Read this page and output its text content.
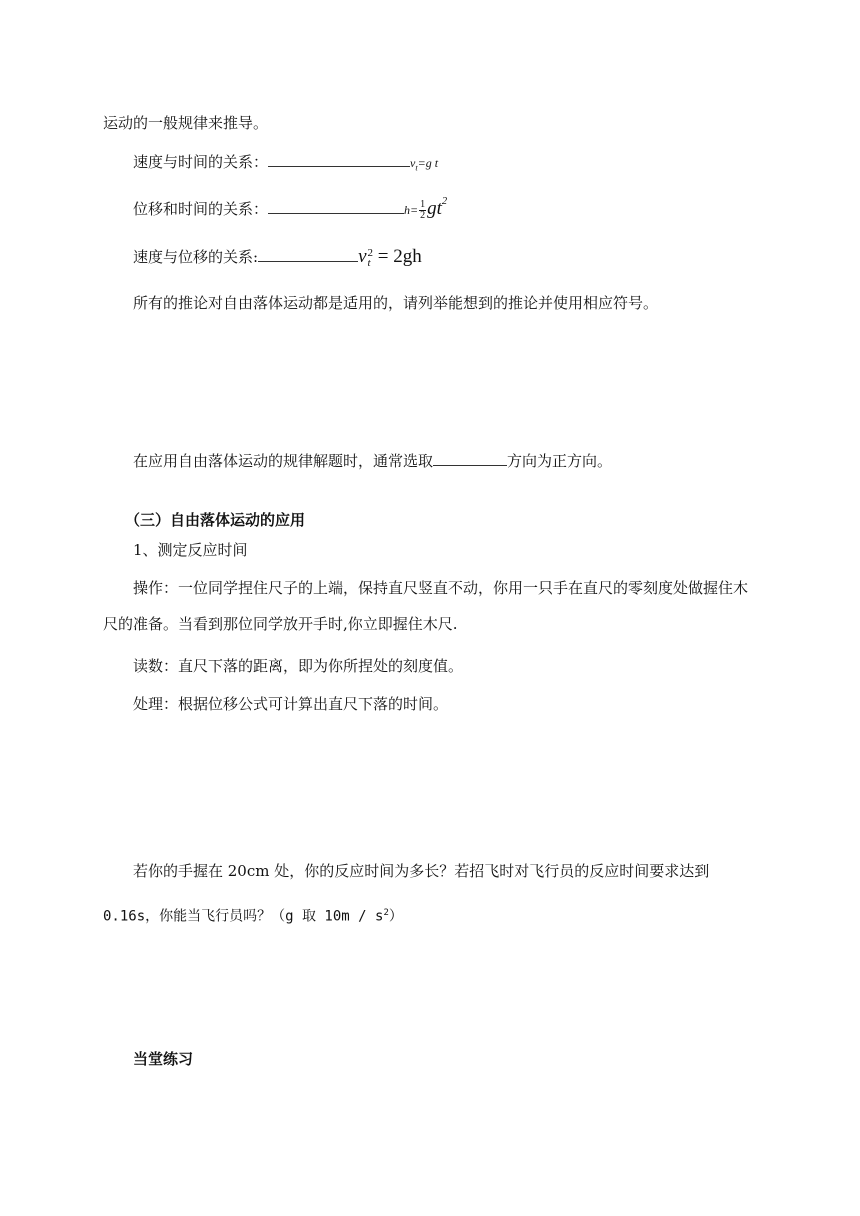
运动的一般规律来推导。
速度与时间的关系：	$v_t=g$ t
位移和时间的关系：	$h= \frac{1}{2} gt^2$
速度与位移的关系:	v 2
t = 2gh
所有的推论对自由落体运动都是适用的，请列举能想到的推论并使用相应符号。
在应用自由落体运动的规律解题时，通常选取	方向为正方向。
（三）自由落体运动的应用
1、测定反应时间
操作：一位同学捏住尺子的上端，保持直尺竖直不动，你用一只手在直尺的零刻度处做握住木
尺的准备。当看到那位同学放开手时,你立即握住木尺.
读数：直尺下落的距离，即为你所捏处的刻度值。
处理：根据位移公式可计算出直尺下落的时间。
若你的手握在 20cm 处，你的反应时间为多长？若招飞时对飞行员的反应时间要求达到
0.16s，你能当飞行员吗？（g 取 $10m / s^2$）
当堂练习
